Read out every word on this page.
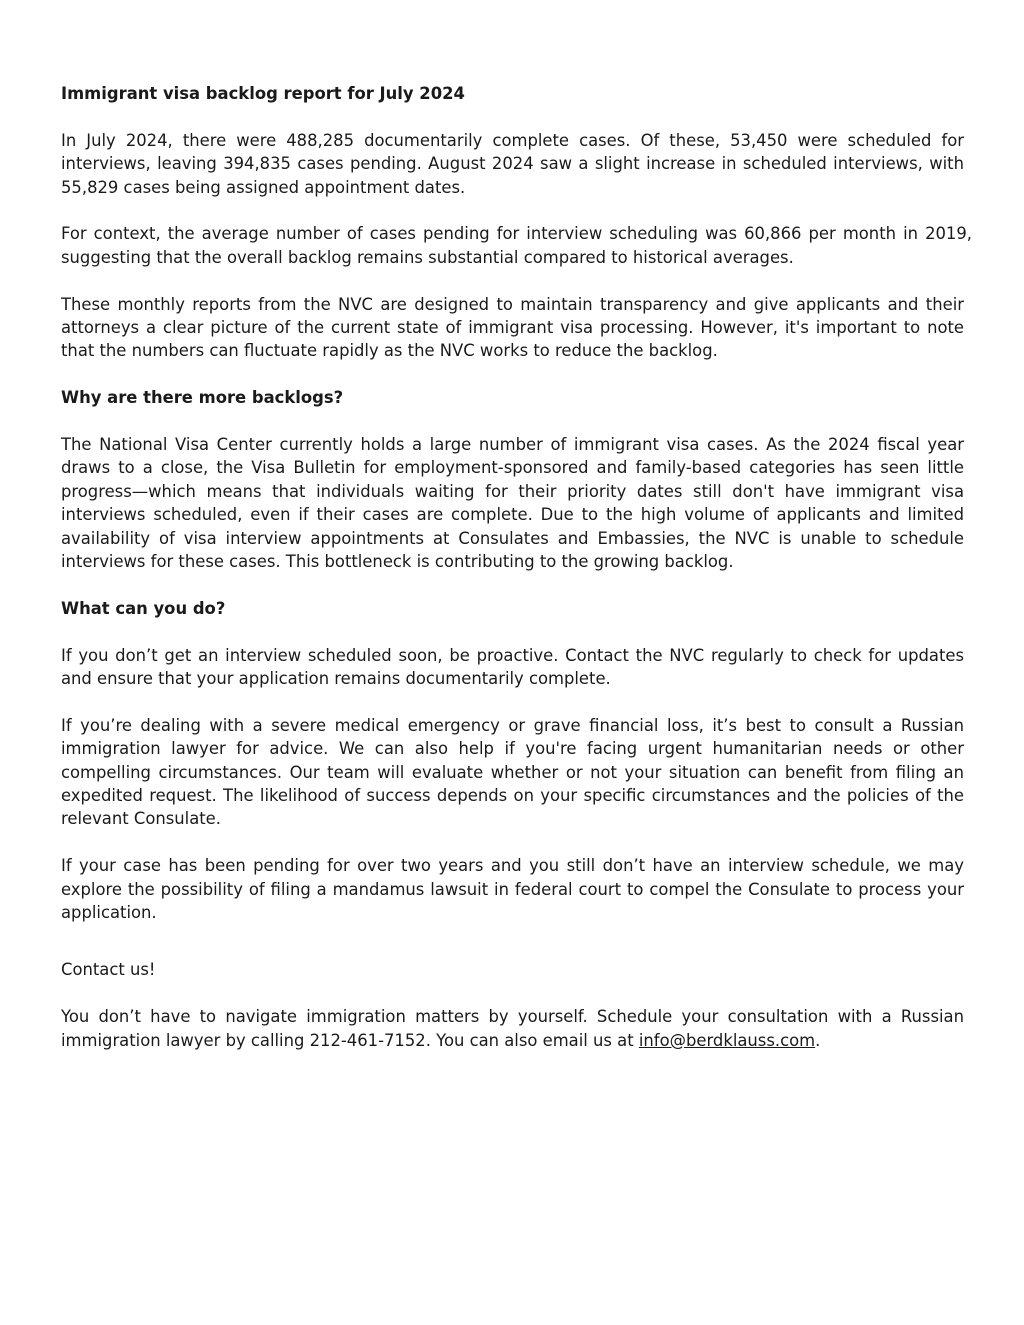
Immigrant visa backlog report for July 2024

In July 2024, there were 488,285 documentarily complete cases. Of these, 53,450 were scheduled for interviews, leaving 394,835 cases pending. August 2024 saw a slight increase in scheduled interviews, with 55,829 cases being assigned appointment dates.

For context, the average number of cases pending for interview scheduling was 60,866 per month in 2019, suggesting that the overall backlog remains substantial compared to historical averages.

These monthly reports from the NVC are designed to maintain transparency and give applicants and their attorneys a clear picture of the current state of immigrant visa processing. However, it's important to note that the numbers can fluctuate rapidly as the NVC works to reduce the backlog.

Why are there more backlogs?

The National Visa Center currently holds a large number of immigrant visa cases. As the 2024 fiscal year draws to a close, the Visa Bulletin for employment-sponsored and family-based categories has seen little progress—which means that individuals waiting for their priority dates still don't have immigrant visa interviews scheduled, even if their cases are complete. Due to the high volume of applicants and limited availability of visa interview appointments at Consulates and Embassies, the NVC is unable to schedule interviews for these cases. This bottleneck is contributing to the growing backlog.

What can you do?

If you don’t get an interview scheduled soon, be proactive. Contact the NVC regularly to check for updates and ensure that your application remains documentarily complete.

If you’re dealing with a severe medical emergency or grave financial loss, it’s best to consult a Russian immigration lawyer for advice. We can also help if you're facing urgent humanitarian needs or other compelling circumstances. Our team will evaluate whether or not your situation can benefit from filing an expedited request. The likelihood of success depends on your specific circumstances and the policies of the relevant Consulate.

If your case has been pending for over two years and you still don’t have an interview schedule, we may explore the possibility of filing a mandamus lawsuit in federal court to compel the Consulate to process your application.

Contact us!

You don’t have to navigate immigration matters by yourself. Schedule your consultation with a Russian immigration lawyer by calling 212-461-7152. You can also email us at info@berdklauss.com.
